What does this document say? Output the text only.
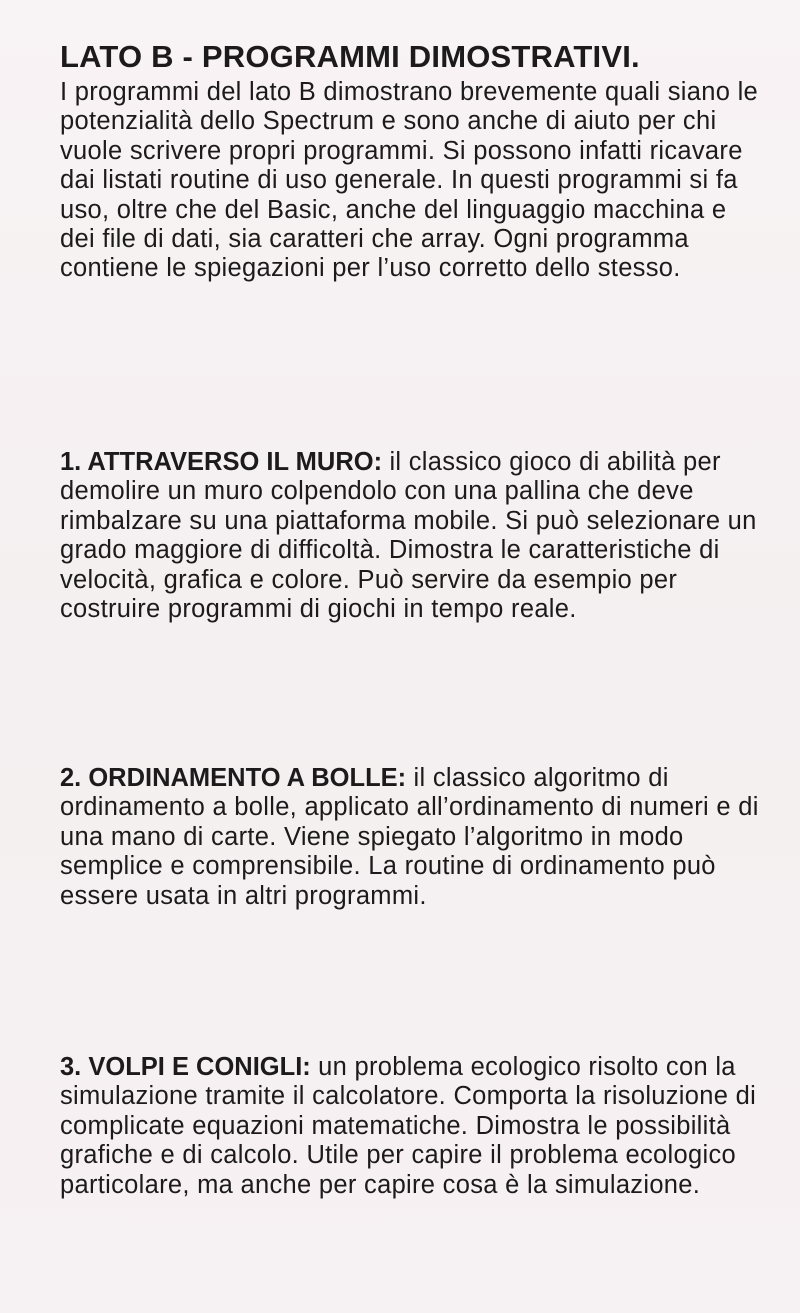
LATO B - PROGRAMMI DIMOSTRATIVI.

I programmi del lato B dimostrano brevemente quali siano le potenzialità dello Spectrum e sono anche di aiuto per chi vuole scrivere propri programmi. Si possono infatti ricavare dai listati routine di uso generale. In questi programmi si fa uso, oltre che del Basic, anche del linguaggio macchina e dei file di dati, sia caratteri che array. Ogni programma contiene le spiegazioni per l’uso corretto dello stesso.

1. ATTRAVERSO IL MURO: il classico gioco di abilità per demolire un muro colpendolo con una pallina che deve rimbalzare su una piattaforma mobile. Si può selezionare un grado maggiore di difficoltà. Dimostra le caratteristiche di velocità, grafica e colore. Può servire da esempio per costruire programmi di giochi in tempo reale.

2. ORDINAMENTO A BOLLE: il classico algoritmo di ordinamento a bolle, applicato all’ordinamento di numeri e di una mano di carte. Viene spiegato l’algoritmo in modo semplice e comprensibile. La routine di ordinamento può essere usata in altri programmi.

3. VOLPI E CONIGLI: un problema ecologico risolto con la simulazione tramite il calcolatore. Comporta la risoluzione di complicate equazioni matematiche. Dimostra le possibilità grafiche e di calcolo. Utile per capire il problema ecologico particolare, ma anche per capire cosa è la simulazione.
